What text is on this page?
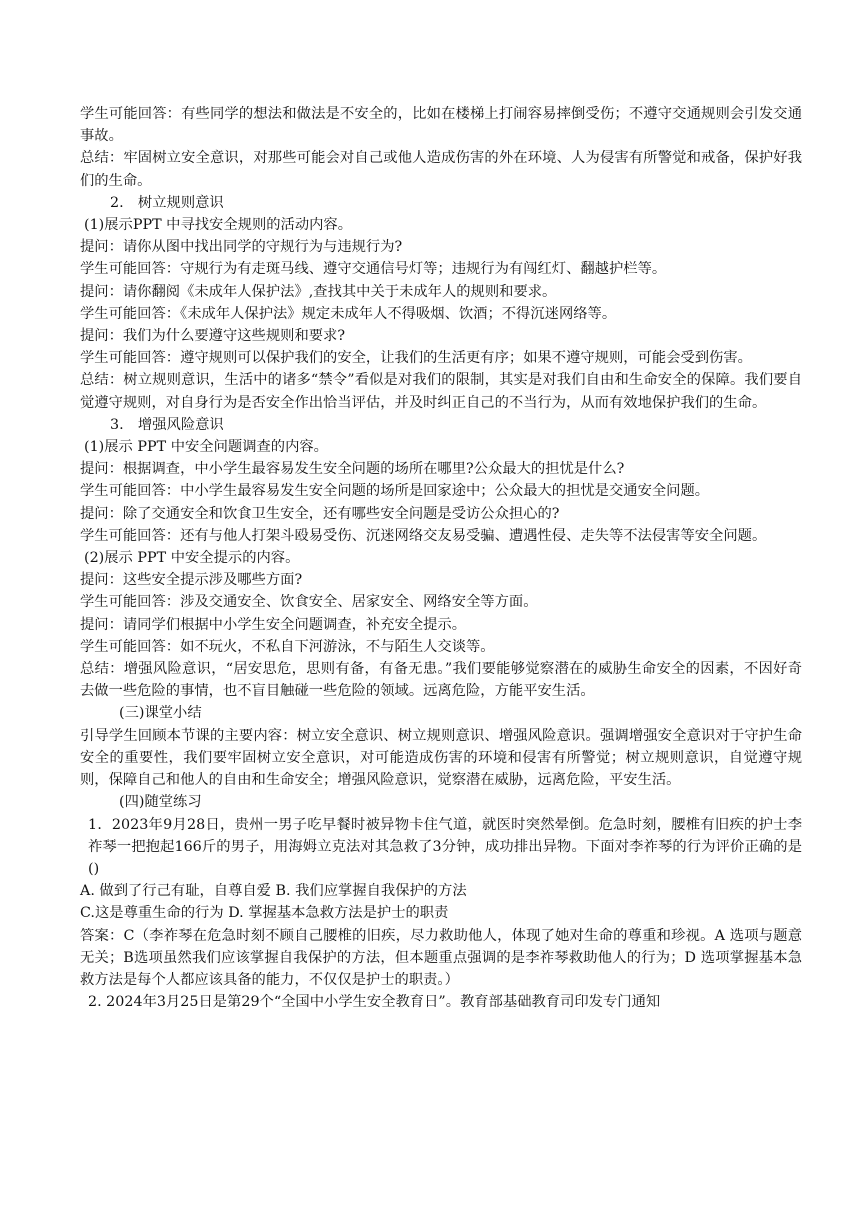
学生可能回答：有些同学的想法和做法是不安全的，比如在楼梯上打闹容易摔倒受伤；不遵守交通规则会引发交通事故。

总结：牢固树立安全意识，对那些可能会对自己或他人造成伤害的外在环境、人为侵害有所警觉和戒备，保护好我们的生命。

2.　树立规则意识

(1)展示PPT 中寻找安全规则的活动内容。

提问：请你从图中找出同学的守规行为与违规行为?

学生可能回答：守规行为有走斑马线、遵守交通信号灯等；违规行为有闯红灯、翻越护栏等。

提问：请你翻阅《未成年人保护法》,查找其中关于未成年人的规则和要求。

学生可能回答：《未成年人保护法》规定未成年人不得吸烟、饮酒；不得沉迷网络等。

提问：我们为什么要遵守这些规则和要求?

学生可能回答：遵守规则可以保护我们的安全，让我们的生活更有序；如果不遵守规则，可能会受到伤害。

总结：树立规则意识，生活中的诸多“禁令”看似是对我们的限制，其实是对我们自由和生命安全的保障。我们要自觉遵守规则，对自身行为是否安全作出恰当评估，并及时纠正自己的不当行为，从而有效地保护我们的生命。

3.　增强风险意识

(1)展示 PPT 中安全问题调查的内容。

提问：根据调查，中小学生最容易发生安全问题的场所在哪里?公众最大的担忧是什么?

学生可能回答：中小学生最容易发生安全问题的场所是回家途中；公众最大的担忧是交通安全问题。

提问：除了交通安全和饮食卫生安全，还有哪些安全问题是受访公众担心的?

学生可能回答：还有与他人打架斗殴易受伤、沉迷网络交友易受骗、遭遇性侵、走失等不法侵害等安全问题。

(2)展示 PPT 中安全提示的内容。

提问：这些安全提示涉及哪些方面?

学生可能回答：涉及交通安全、饮食安全、居家安全、网络安全等方面。

提问：请同学们根据中小学生安全问题调查，补充安全提示。

学生可能回答：如不玩火，不私自下河游泳，不与陌生人交谈等。

总结：增强风险意识，“居安思危，思则有备，有备无患。”我们要能够觉察潜在的威胁生命安全的因素，不因好奇去做一些危险的事情，也不盲目触碰一些危险的领域。远离危险，方能平安生活。

(三)课堂小结

引导学生回顾本节课的主要内容：树立安全意识、树立规则意识、增强风险意识。强调增强安全意识对于守护生命安全的重要性，我们要牢固树立安全意识，对可能造成伤害的环境和侵害有所警觉；树立规则意识，自觉遵守规则，保障自己和他人的自由和生命安全；增强风险意识，觉察潜在威胁，远离危险，平安生活。

(四)随堂练习

1．2023年9月28日，贵州一男子吃早餐时被异物卡住气道，就医时突然晕倒。危急时刻，腰椎有旧疾的护士李祚琴一把抱起166斤的男子，用海姆立克法对其急救了3分钟，成功排出异物。下面对李祚琴的行为评价正确的是()

A. 做到了行己有耻，自尊自爱 B. 我们应掌握自我保护的方法

C.这是尊重生命的行为 D. 掌握基本急救方法是护士的职责

答案：C（李祚琴在危急时刻不顾自己腰椎的旧疾，尽力救助他人，体现了她对生命的尊重和珍视。A 选项与题意无关；B选项虽然我们应该掌握自我保护的方法，但本题重点强调的是李祚琴救助他人的行为；D 选项掌握基本急救方法是每个人都应该具备的能力，不仅仅是护士的职责。）

2. 2024年3月25日是第29个“全国中小学生安全教育日”。教育部基础教育司印发专门通知
